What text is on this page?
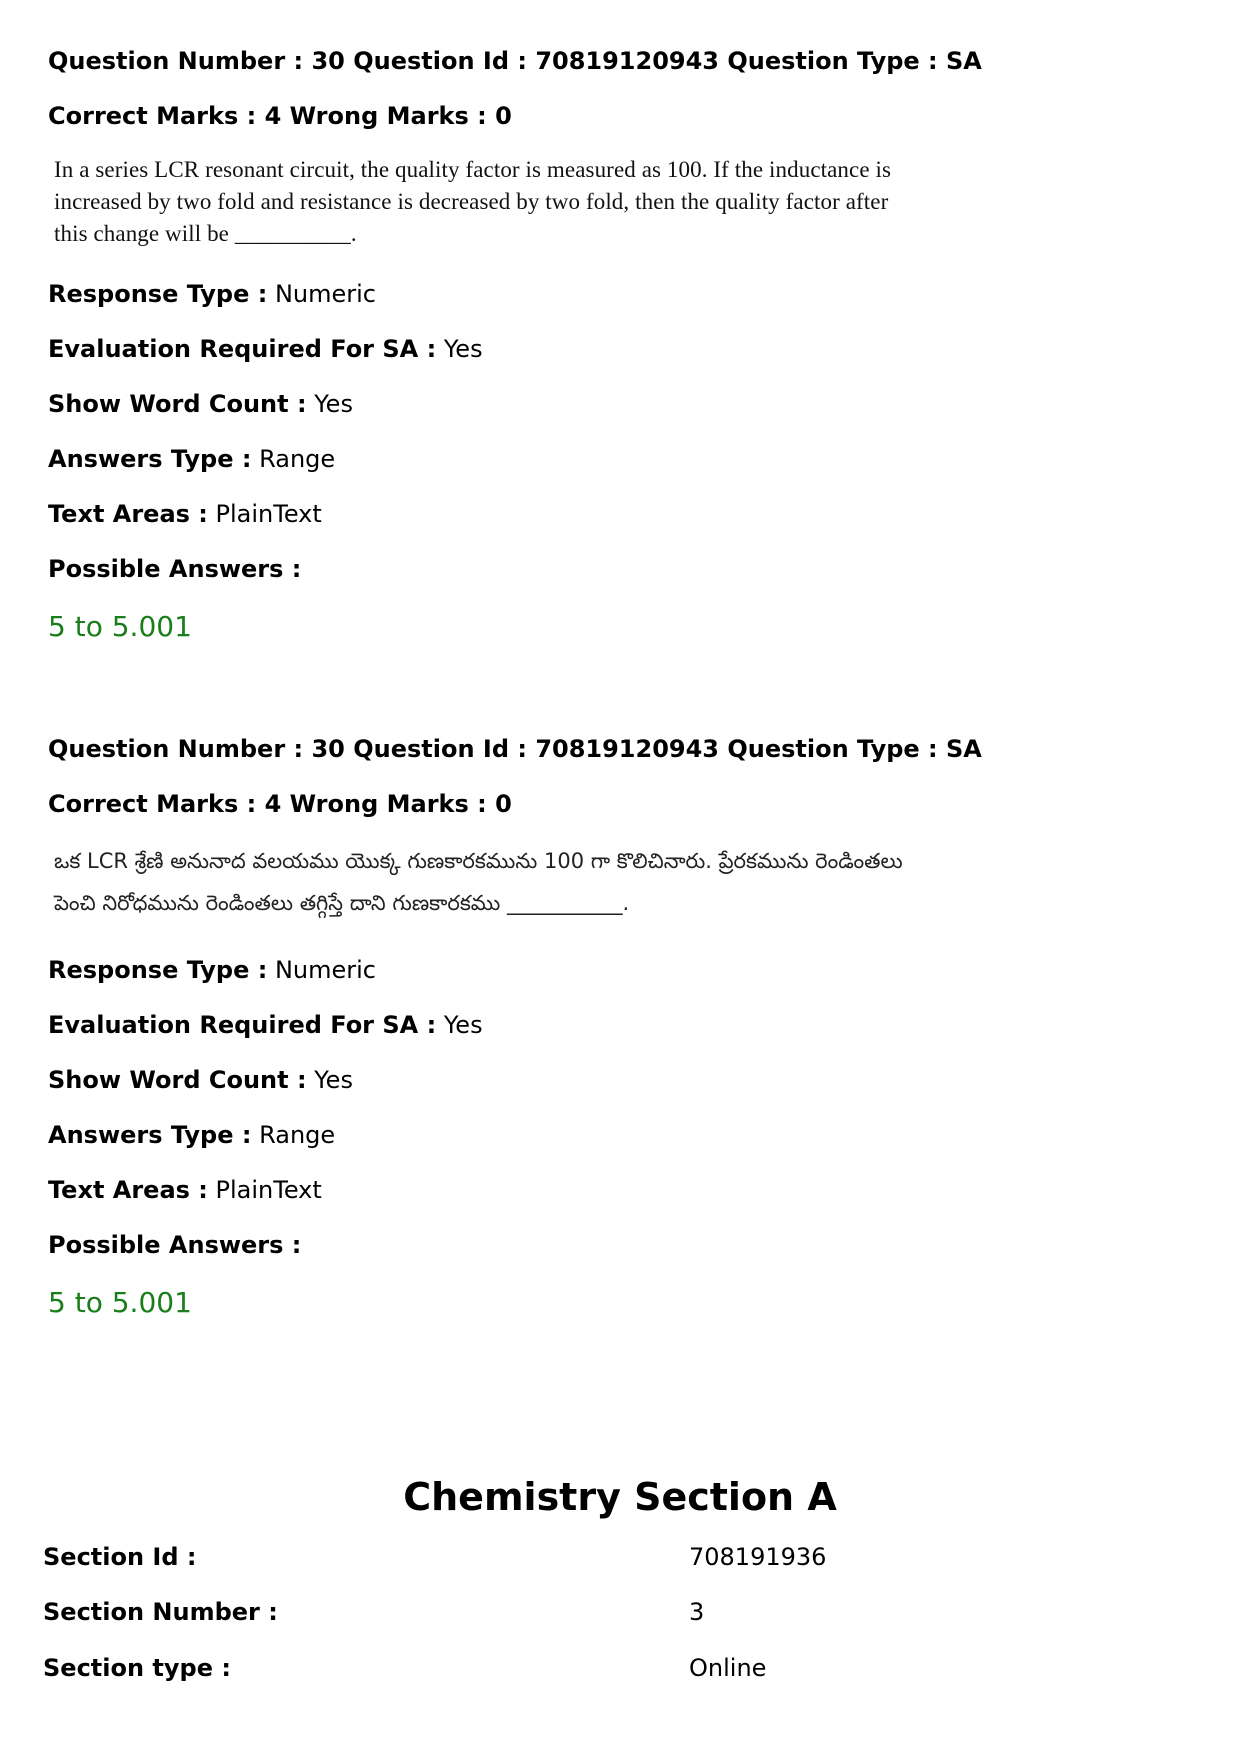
Question Number : 30 Question Id : 70819120943 Question Type : SA
Correct Marks : 4 Wrong Marks : 0
In a series LCR resonant circuit, the quality factor is measured as 100. If the inductance is
increased by two fold and resistance is decreased by two fold, then the quality factor after
this change will be __________.
Response Type : Numeric
Evaluation Required For SA : Yes
Show Word Count : Yes
Answers Type : Range
Text Areas : PlainText
Possible Answers :
5 to 5.001
Question Number : 30 Question Id : 70819120943 Question Type : SA
Correct Marks : 4 Wrong Marks : 0
ఒక LCR శ్రేణి అనునాద వలయము యొక్క గుణకారకమును 100 గా కొలిచినారు. ప్రేరకమును రెండింతలు
పెంచి నిరోధమును రెండింతలు తగ్గిస్తే దాని గుణకారకము ___________.
Response Type : Numeric
Evaluation Required For SA : Yes
Show Word Count : Yes
Answers Type : Range
Text Areas : PlainText
Possible Answers :
5 to 5.001
Chemistry Section A
Section Id :	708191936
Section Number :	3
Section type :	Online
